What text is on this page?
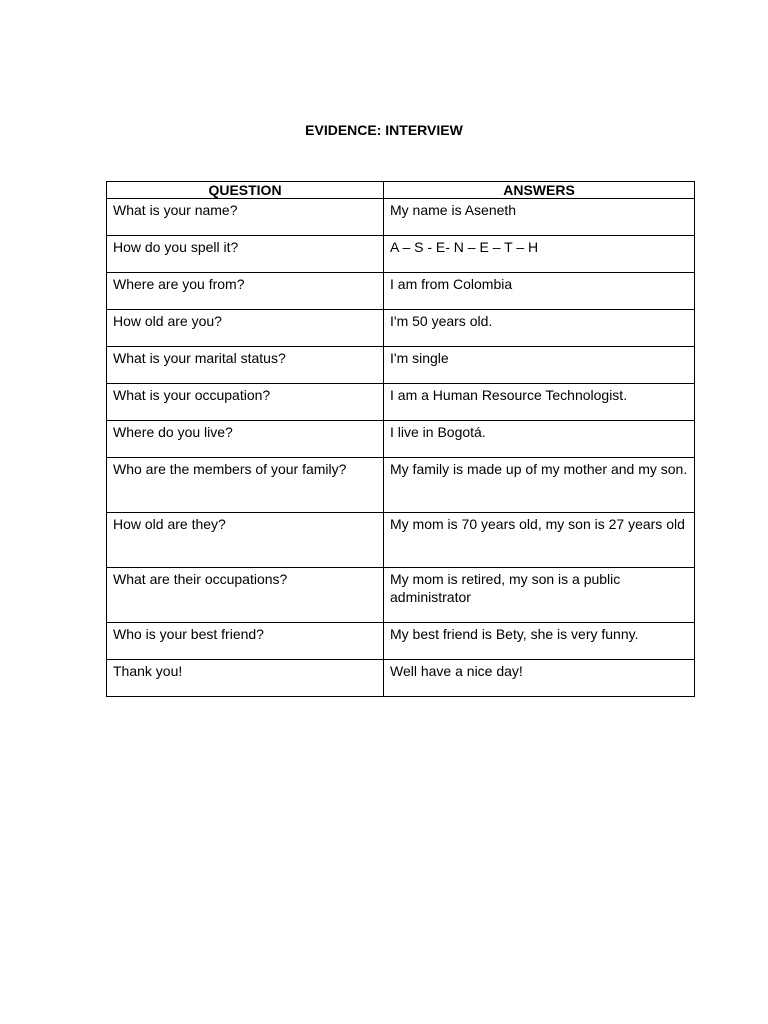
EVIDENCE: INTERVIEW
QUESTION	ANSWERS
What is your name?	My name is Aseneth
How do you spell it?	A – S - E- N – E – T – H
Where are you from?	I am from Colombia
How old are you?	I'm 50 years old.
What is your marital status?	I'm single
What is your occupation?	I am a Human Resource Technologist.
Where do you live?	I live in Bogotá.
Who are the members of your family?	My family is made up of my mother and my son.
How old are they?	My mom is 70 years old, my son is 27 years old
What are their occupations?	My mom is retired, my son is a public administrator
Who is your best friend?	My best friend is Bety, she is very funny.
Thank you!	Well have a nice day!
